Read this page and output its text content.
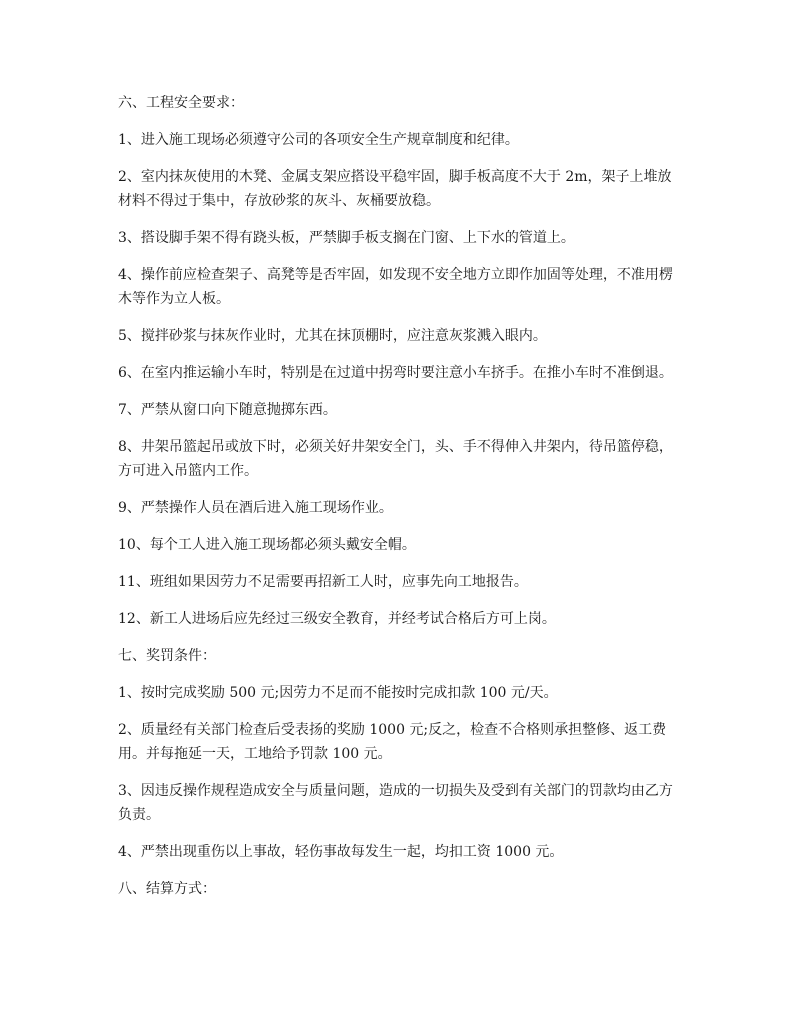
六、工程安全要求：

1、进入施工现场必须遵守公司的各项安全生产规章制度和纪律。

2、室内抹灰使用的木凳、金属支架应搭设平稳牢固，脚手板高度不大于 2m，架子上堆放材料不得过于集中，存放砂浆的灰斗、灰桶要放稳。

3、搭设脚手架不得有跷头板，严禁脚手板支搁在门窗、上下水的管道上。

4、操作前应检查架子、高凳等是否牢固，如发现不安全地方立即作加固等处理，不准用楞木等作为立人板。

5、搅拌砂浆与抹灰作业时，尤其在抹顶棚时，应注意灰浆溅入眼内。

6、在室内推运输小车时，特别是在过道中拐弯时要注意小车挤手。在推小车时不准倒退。

7、严禁从窗口向下随意抛掷东西。

8、井架吊篮起吊或放下时，必须关好井架安全门，头、手不得伸入井架内，待吊篮停稳，方可进入吊篮内工作。

9、严禁操作人员在酒后进入施工现场作业。

10、每个工人进入施工现场都必须头戴安全帽。

11、班组如果因劳力不足需要再招新工人时，应事先向工地报告。

12、新工人进场后应先经过三级安全教育，并经考试合格后方可上岗。

七、奖罚条件：

1、按时完成奖励 500 元;因劳力不足而不能按时完成扣款 100 元/天。

2、质量经有关部门检查后受表扬的奖励 1000 元;反之，检查不合格则承担整修、返工费用。并每拖延一天，工地给予罚款 100 元。

3、因违反操作规程造成安全与质量问题，造成的一切损失及受到有关部门的罚款均由乙方负责。

4、严禁出现重伤以上事故，轻伤事故每发生一起，均扣工资 1000 元。

八、结算方式：
